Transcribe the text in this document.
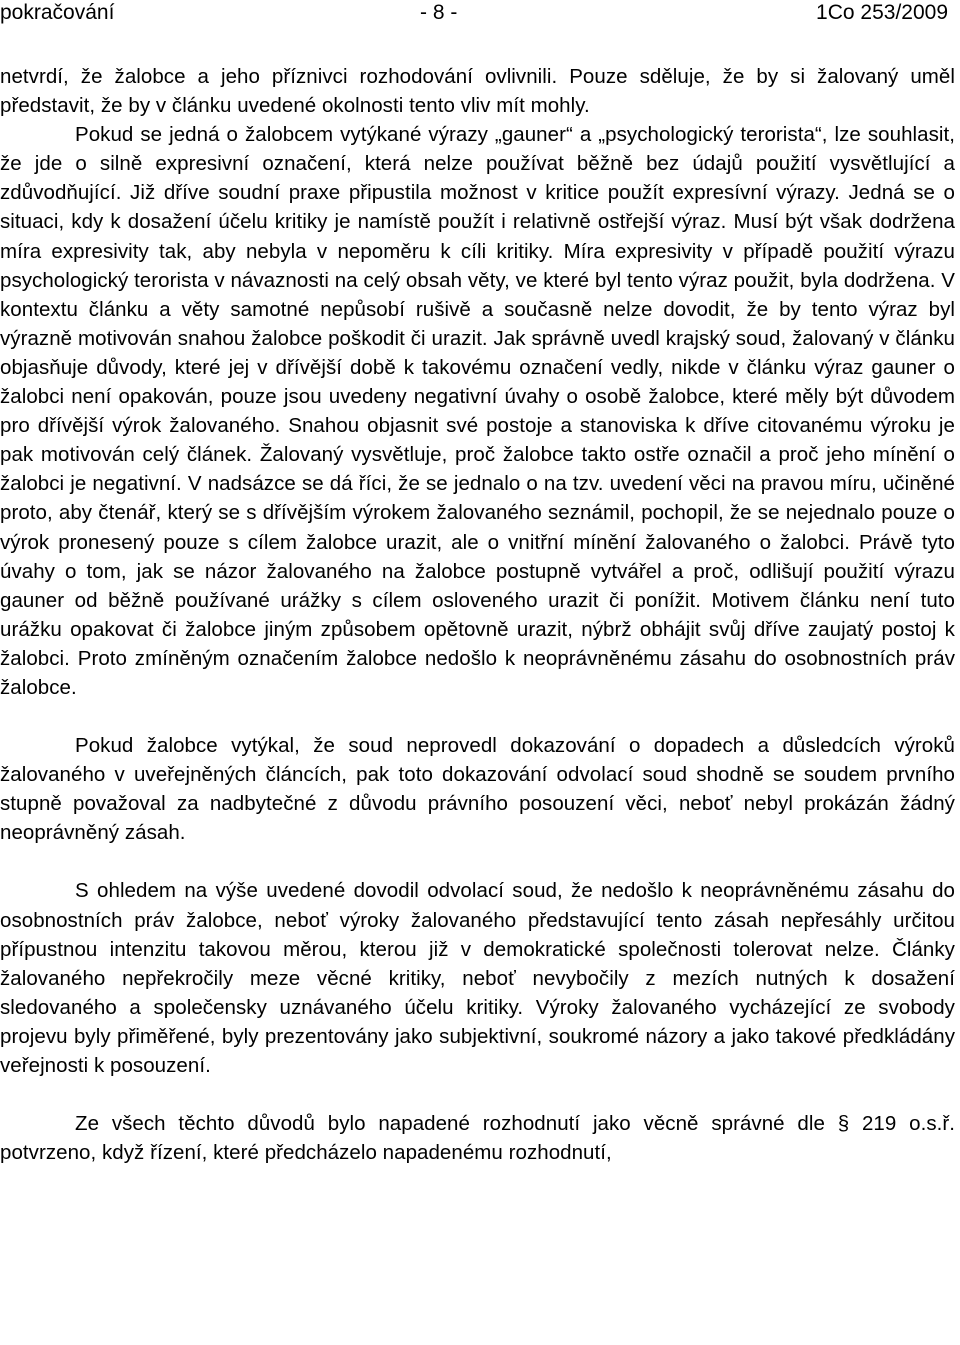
pokračování	- 8 -	1Co 253/2009

netvrdí, že žalobce a jeho příznivci rozhodování ovlivnili. Pouze sděluje, že by si žalovaný uměl představit, že by v článku uvedené okolnosti tento vliv mít mohly.

Pokud se jedná o žalobcem vytýkané výrazy „gauner“ a „psychologický terorista“, lze souhlasit, že jde o silně expresivní označení, která nelze používat běžně bez údajů použití vysvětlující a zdůvodňující. Již dříve soudní praxe připustila možnost v kritice použít expresívní výrazy. Jedná se o situaci, kdy k dosažení účelu kritiky je namístě použít i relativně ostřejší výraz. Musí být však dodržena míra expresivity tak, aby nebyla v nepoměru k cíli kritiky. Míra expresivity v případě použití výrazu psychologický terorista v návaznosti na celý obsah věty, ve které byl tento výraz použit, byla dodržena. V kontextu článku a věty samotné nepůsobí rušivě a současně nelze dovodit, že by tento výraz byl výrazně motivován snahou žalobce poškodit či urazit. Jak správně uvedl krajský soud, žalovaný v článku objasňuje důvody, které jej v dřívější době k takovému označení vedly, nikde v článku výraz gauner o žalobci není opakován, pouze jsou uvedeny negativní úvahy o osobě žalobce, které měly být důvodem pro dřívější výrok žalovaného. Snahou objasnit své postoje a stanoviska k dříve citovanému výroku je pak motivován celý článek. Žalovaný vysvětluje, proč žalobce takto ostře označil a proč jeho mínění o žalobci je negativní. V nadsázce se dá říci, že se jednalo o na tzv. uvedení věci na pravou míru, učiněné proto, aby čtenář, který se s dřívějším výrokem žalovaného seznámil, pochopil, že se nejednalo pouze o výrok pronesený pouze s cílem žalobce urazit, ale o vnitřní mínění žalovaného o žalobci. Právě tyto úvahy o tom, jak se názor žalovaného na žalobce postupně vytvářel a proč, odlišují použití výrazu gauner od běžně používané urážky s cílem osloveného urazit či ponížit. Motivem článku není tuto urážku opakovat či žalobce jiným způsobem opětovně urazit, nýbrž obhájit svůj dříve zaujatý postoj k žalobci. Proto zmíněným označením žalobce nedošlo k neoprávněnému zásahu do osobnostních práv žalobce.

Pokud žalobce vytýkal, že soud neprovedl dokazování o dopadech a důsledcích výroků žalovaného v uveřejněných článcích, pak toto dokazování odvolací soud shodně se soudem prvního stupně považoval za nadbytečné z důvodu právního posouzení věci, neboť nebyl prokázán žádný neoprávněný zásah.

S ohledem na výše uvedené dovodil odvolací soud, že nedošlo k neoprávněnému zásahu do osobnostních práv žalobce, neboť výroky žalovaného představující tento zásah nepřesáhly určitou přípustnou intenzitu takovou měrou, kterou již v demokratické společnosti tolerovat nelze. Články žalovaného nepřekročily meze věcné kritiky, neboť nevybočily z mezích nutných k dosažení sledovaného a společensky uznávaného účelu kritiky. Výroky žalovaného vycházející ze svobody projevu byly přiměřené, byly prezentovány jako subjektivní, soukromé názory a jako takové předkládány veřejnosti k posouzení.

Ze všech těchto důvodů bylo napadené rozhodnutí jako věcně správné dle § 219 o.s.ř. potvrzeno, když řízení, které předcházelo napadenému rozhodnutí,
